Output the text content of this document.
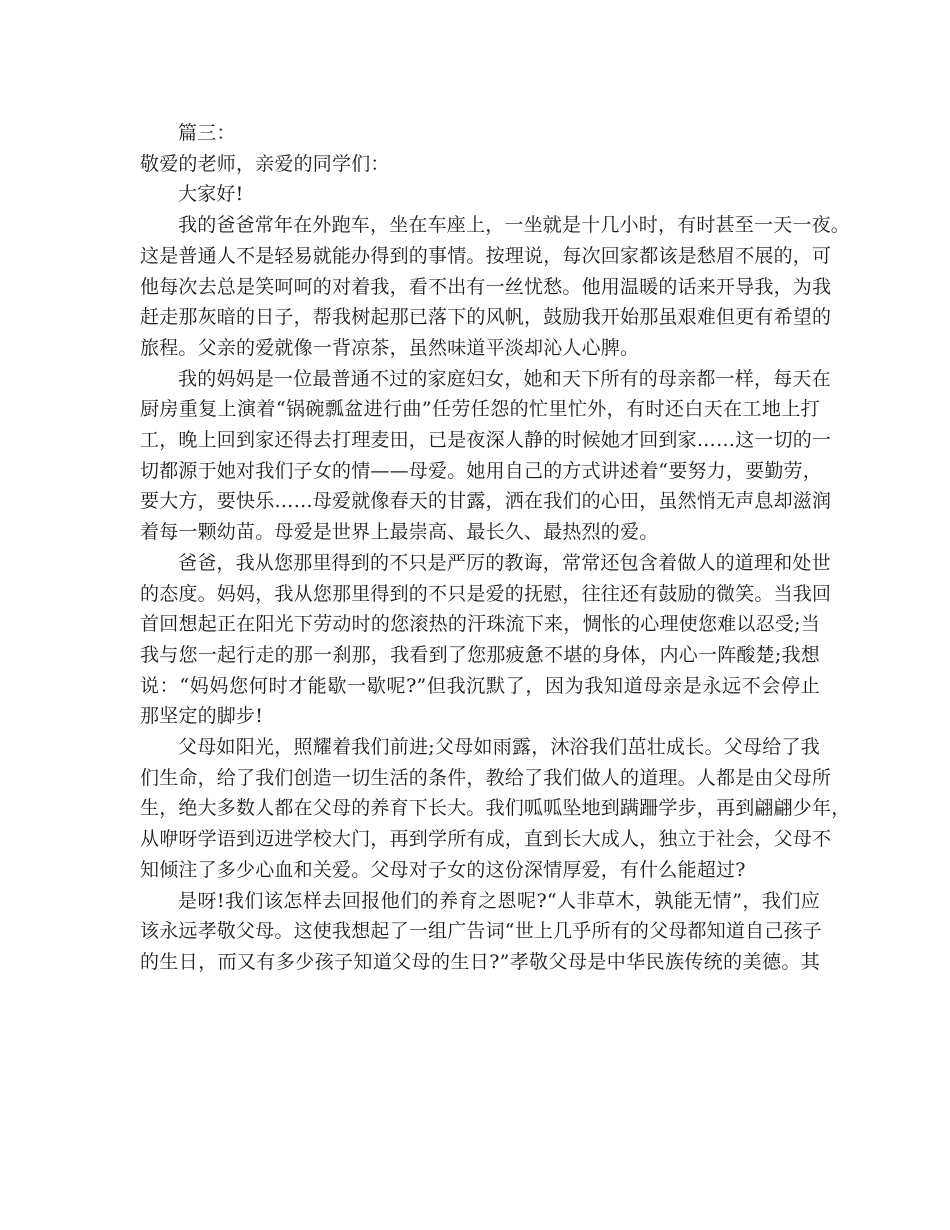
篇三：
敬爱的老师，亲爱的同学们：
大家好!
我的爸爸常年在外跑车，坐在车座上，一坐就是十几小时，有时甚至一天一夜。
这是普通人不是轻易就能办得到的事情。按理说，每次回家都该是愁眉不展的，可
他每次去总是笑呵呵的对着我，看不出有一丝忧愁。他用温暖的话来开导我，为我
赶走那灰暗的日子，帮我树起那已落下的风帆，鼓励我开始那虽艰难但更有希望的
旅程。父亲的爱就像一背凉茶，虽然味道平淡却沁人心脾。
我的妈妈是一位最普通不过的家庭妇女，她和天下所有的母亲都一样，每天在
厨房重复上演着“锅碗瓢盆进行曲”任劳任怨的忙里忙外，有时还白天在工地上打
工，晚上回到家还得去打理麦田，已是夜深人静的时候她才回到家……这一切的一
切都源于她对我们子女的情——母爱。她用自己的方式讲述着“要努力，要勤劳，
要大方，要快乐……母爱就像春天的甘露，洒在我们的心田，虽然悄无声息却滋润
着每一颗幼苗。母爱是世界上最崇高、最长久、最热烈的爱。
爸爸，我从您那里得到的不只是严厉的教诲，常常还包含着做人的道理和处世
的态度。妈妈，我从您那里得到的不只是爱的抚慰，往往还有鼓励的微笑。当我回
首回想起正在阳光下劳动时的您滚热的汗珠流下来，惆怅的心理使您难以忍受;当
我与您一起行走的那一刹那，我看到了您那疲惫不堪的身体，内心一阵酸楚;我想
说：“妈妈您何时才能歇一歇呢?”但我沉默了，因为我知道母亲是永远不会停止
那坚定的脚步!
父母如阳光，照耀着我们前进;父母如雨露，沐浴我们茁壮成长。父母给了我
们生命，给了我们创造一切生活的条件，教给了我们做人的道理。人都是由父母所
生，绝大多数人都在父母的养育下长大。我们呱呱坠地到蹒跚学步，再到翩翩少年，
从咿呀学语到迈进学校大门，再到学所有成，直到长大成人，独立于社会，父母不
知倾注了多少心血和关爱。父母对子女的这份深情厚爱，有什么能超过?
是呀!我们该怎样去回报他们的养育之恩呢?“人非草木，孰能无情”，我们应
该永远孝敬父母。这使我想起了一组广告词“世上几乎所有的父母都知道自己孩子
的生日，而又有多少孩子知道父母的生日?”孝敬父母是中华民族传统的美德。其
